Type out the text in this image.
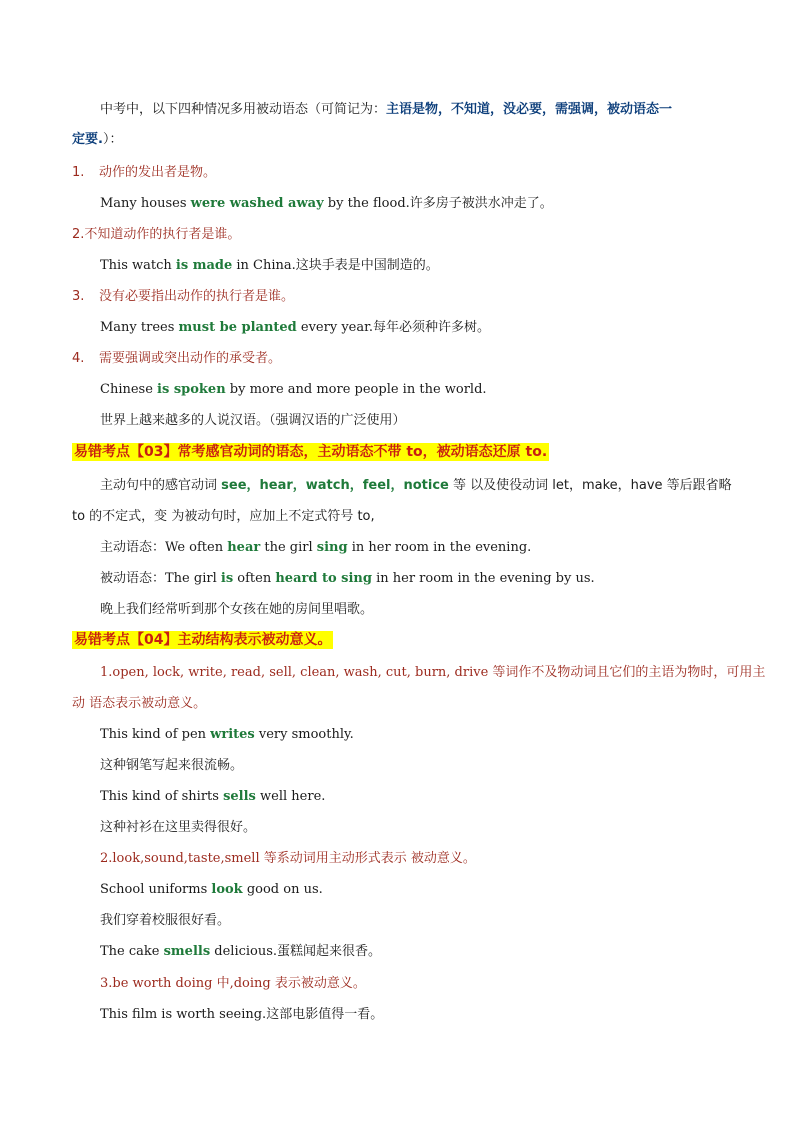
中考中，以下四种情况多用被动语态（可简记为：主语是物，不知道，没必要，需强调，被动语态一
定要.）：
1. 动作的发出者是物。
Many houses were washed away by the flood.许多房子被洪水冲走了。
2.不知道动作的执行者是谁。
This watch is made in China.这块手表是中国制造的。
3. 没有必要指出动作的执行者是谁。
Many trees must be planted every year.每年必须种许多树。
4. 需要强调或突出动作的承受者。
Chinese is spoken by more and more people in the world.
世界上越来越多的人说汉语。（强调汉语的广泛使用）
易错考点【03】常考感官动词的语态，主动语态不带 to，被动语态还原 to.
主动句中的感官动词 see，hear，watch，feel，notice 等 以及使役动词 let，make，have 等后跟省略
to 的不定式，变 为被动句时，应加上不定式符号 to,
主动语态：We often hear the girl sing in her room in the evening.
被动语态：The girl is often heard to sing in her room in the evening by us.
晚上我们经常听到那个女孩在她的房间里唱歌。
易错考点【04】主动结构表示被动意义。
1.open, lock, write, read, sell, clean, wash, cut, burn, drive 等词作不及物动词且它们的主语为物时，可用主
动 语态表示被动意义。
This kind of pen writes very smoothly.
这种钢笔写起来很流畅。
This kind of shirts sells well here.
这种衬衫在这里卖得很好。
2.look,sound,taste,smell 等系动词用主动形式表示 被动意义。
School uniforms look good on us.
我们穿着校服很好看。
The cake smells delicious.蛋糕闻起来很香。
3.be worth doing 中,doing 表示被动意义。
This film is worth seeing.这部电影值得一看。
